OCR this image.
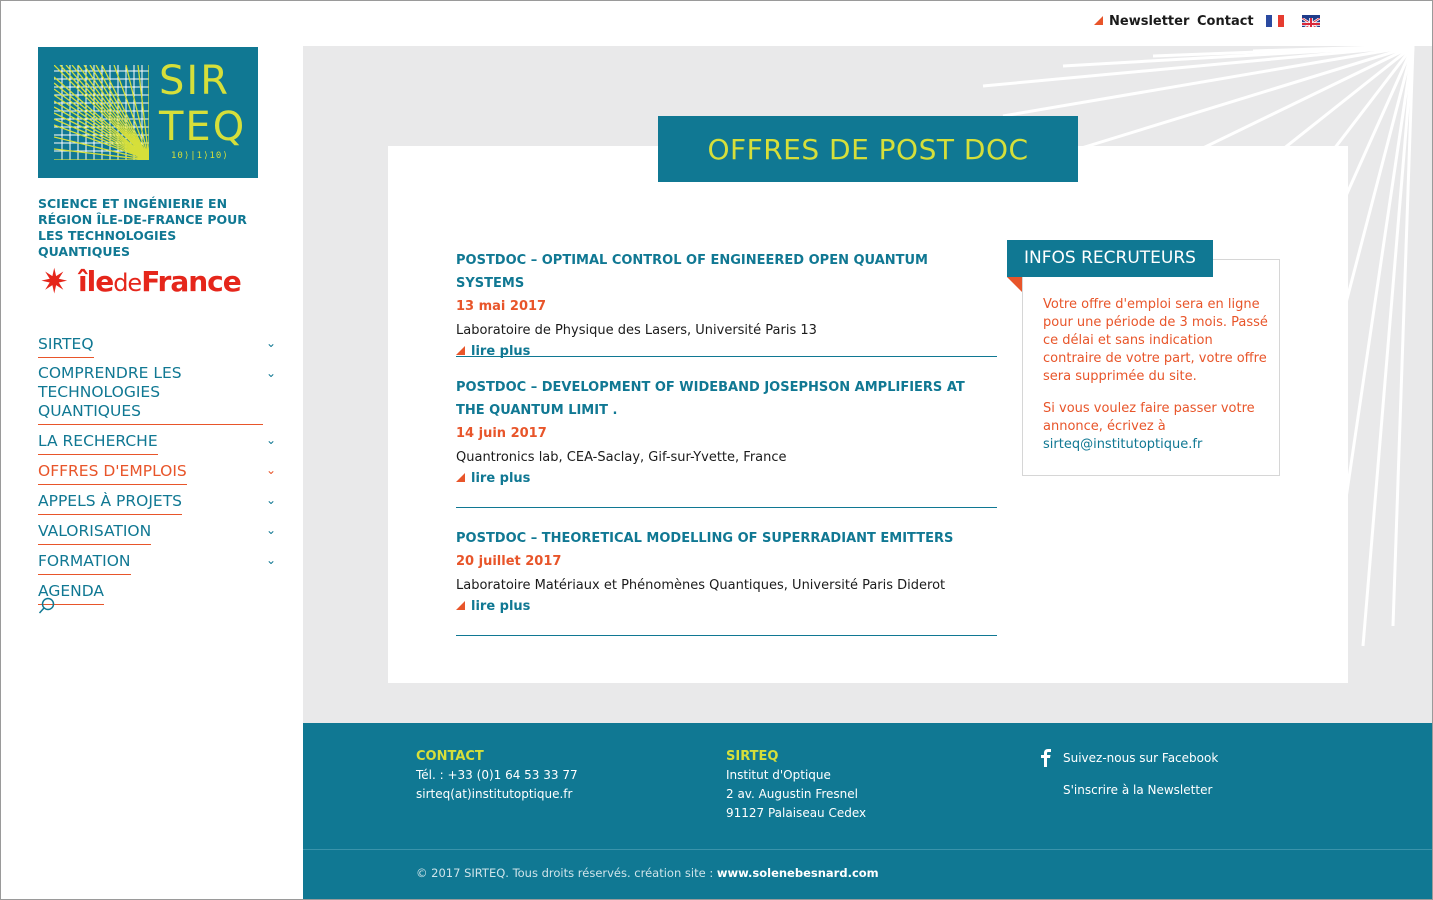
Newsletter Contact
SIR
TEQ
10⟩|1⟩10⟩
SCIENCE ET INGÉNIERIE EN RÉGION ÎLE-DE-FRANCE POUR LES TECHNOLOGIES QUANTIQUES
✷ îledeFrance
SIRTEQ	⌄
COMPRENDRE LES TECHNOLOGIES QUANTIQUES
⌄
LA RECHERCHE	⌄
OFFRES D'EMPLOIS	⌄
APPELS À PROJETS	⌄
VALORISATION	⌄
FORMATION	⌄
AGENDA
OFFRES DE POST DOC
POSTDOC – OPTIMAL CONTROL OF ENGINEERED OPEN QUANTUM SYSTEMS
13 mai 2017
Laboratoire de Physique des Lasers, Université Paris 13
lire plus
POSTDOC – DEVELOPMENT OF WIDEBAND JOSEPHSON AMPLIFIERS AT THE QUANTUM LIMIT .
14 juin 2017
Quantronics lab, CEA-Saclay, Gif-sur-Yvette, France
lire plus
POSTDOC – THEORETICAL MODELLING OF SUPERRADIANT EMITTERS
20 juillet 2017
Laboratoire Matériaux et Phénomènes Quantiques, Université Paris Diderot
lire plus
INFOS RECRUTEURS

Votre offre d'emploi sera en ligne pour une période de 3 mois. Passé ce délai et sans indication contraire de votre part, votre offre sera supprimée du site.

Si vous voulez faire passer votre annonce, écrivez à
sirteq@institutoptique.fr

CONTACT
Tél. : +33 (0)1 64 53 33 77
sirteq(at)institutoptique.fr
SIRTEQ
Institut d'Optique
2 av. Augustin Fresnel
91127 Palaiseau Cedex
Suivez-nous sur Facebook
S'inscrire à la Newsletter
© 2017 SIRTEQ. Tous droits réservés. création site : www.solenebesnard.com
